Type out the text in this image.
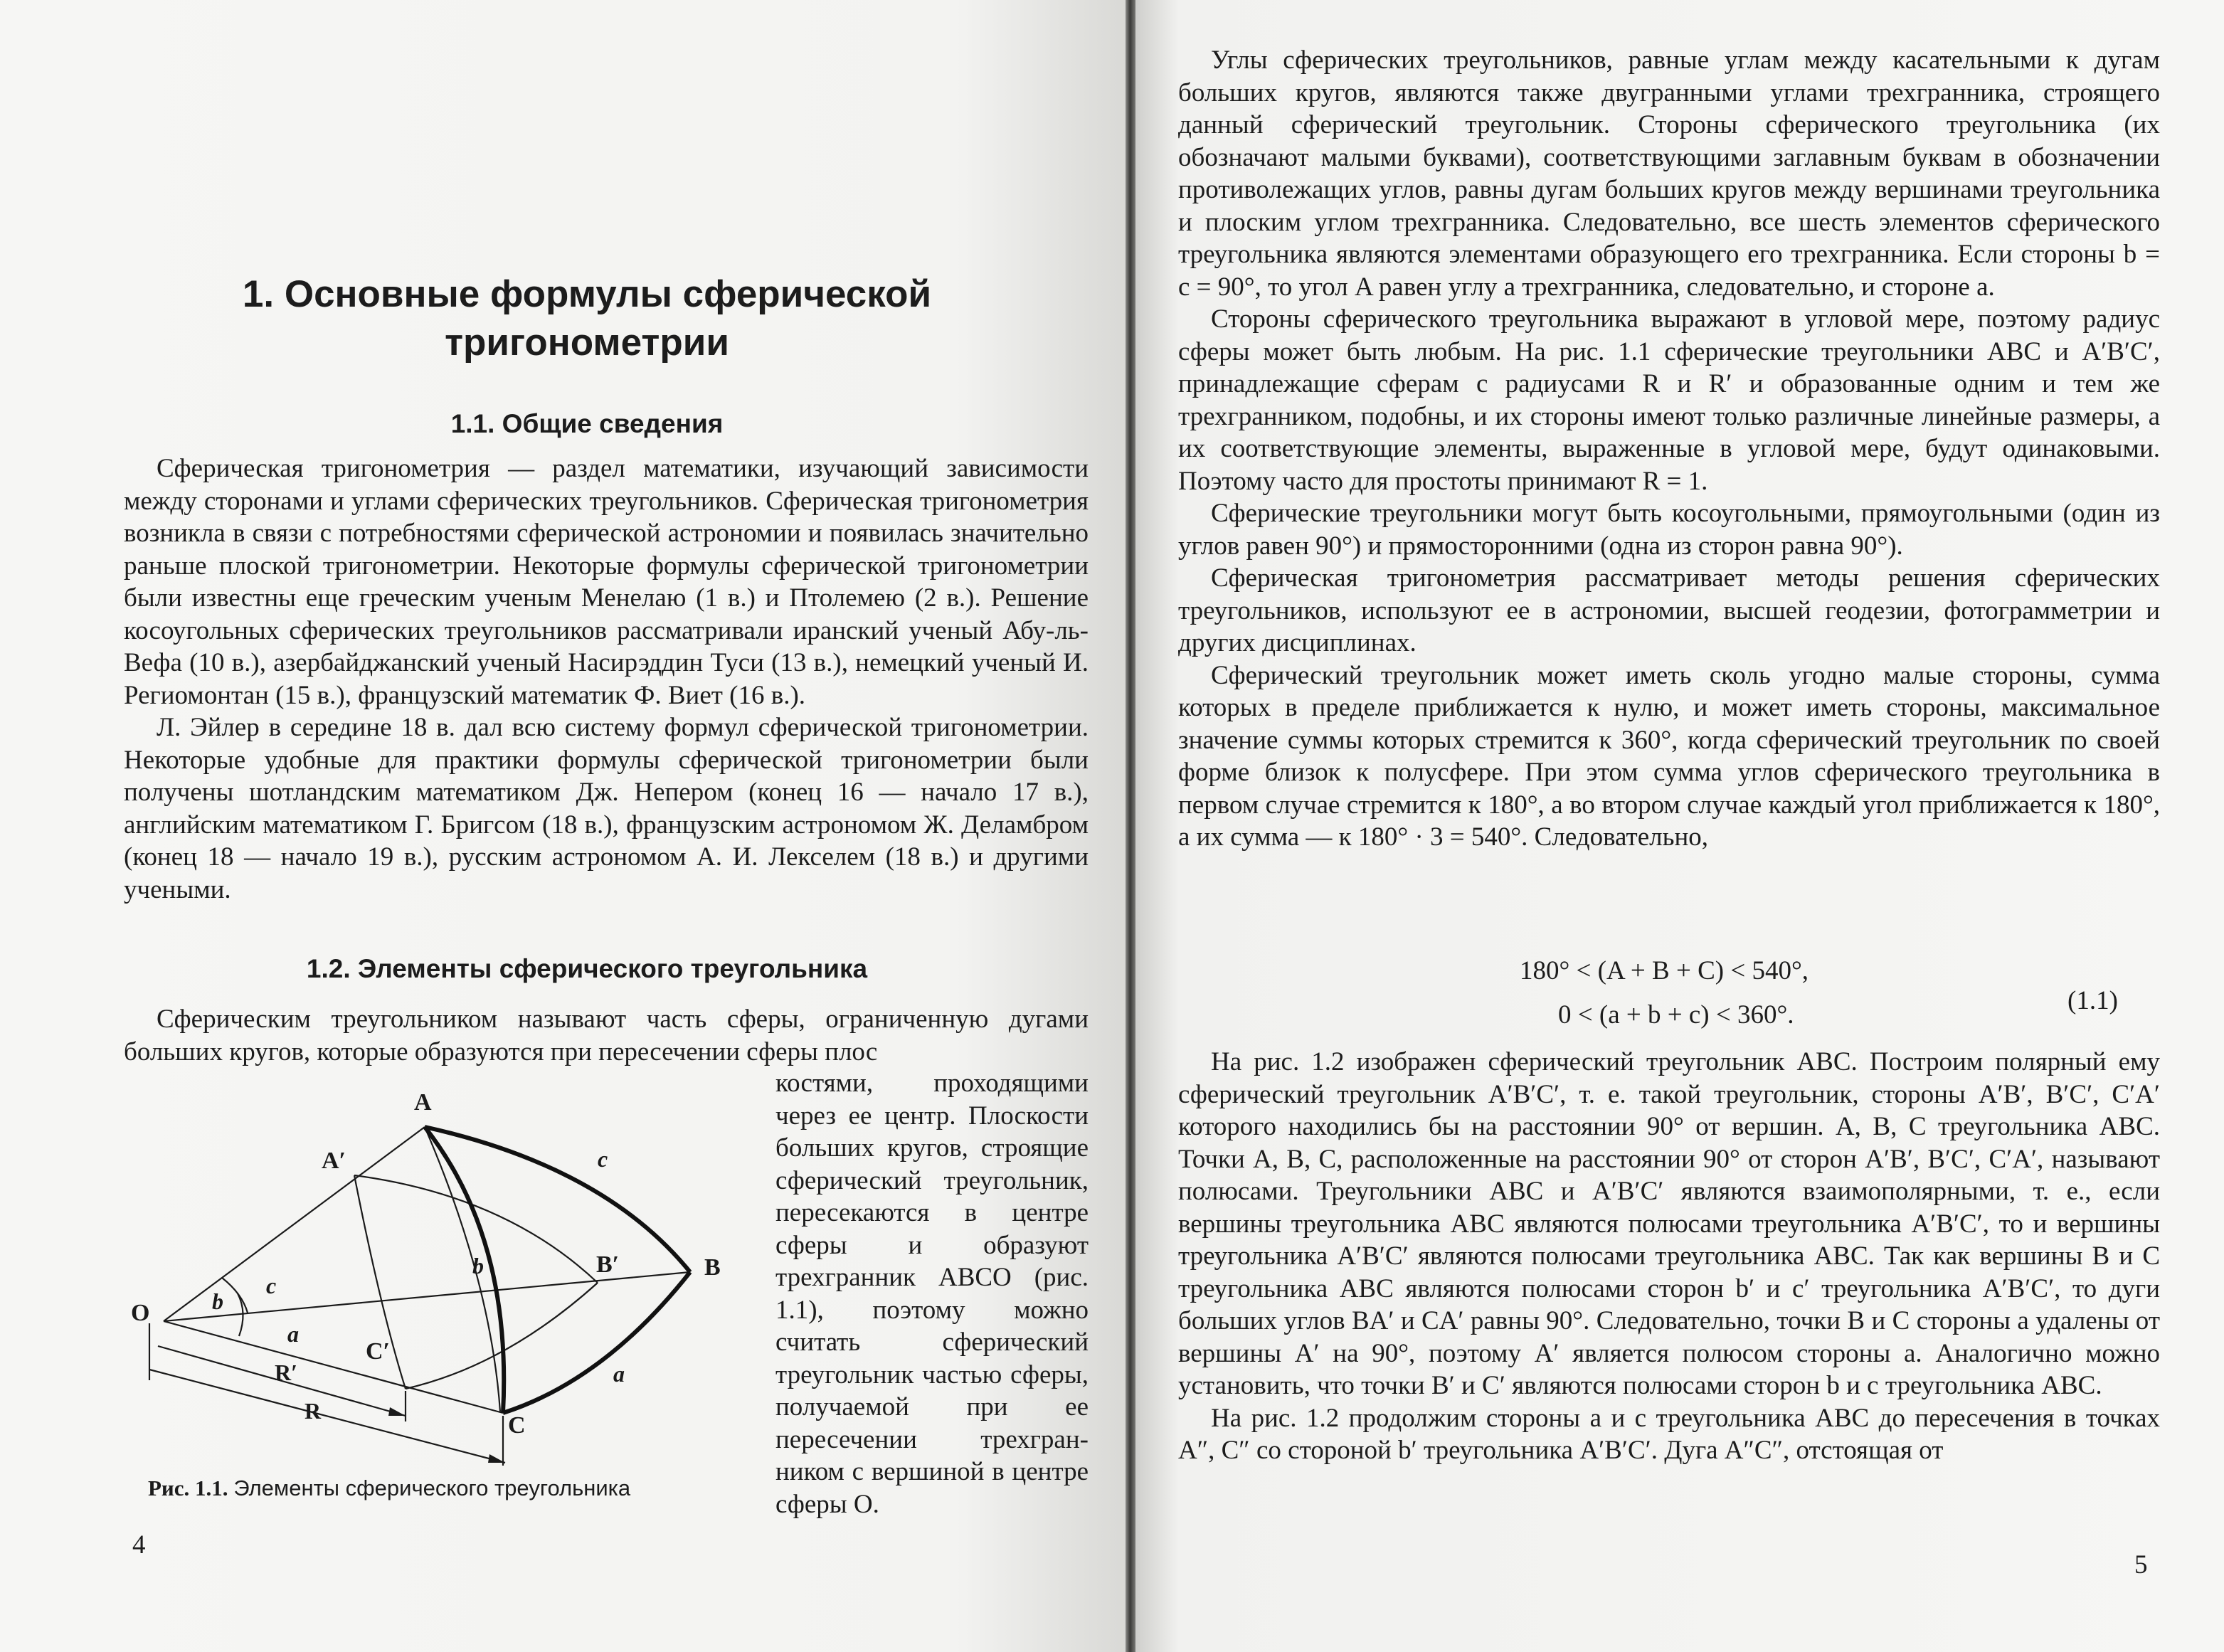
1. Основные формулы сферической тригонометрии
1.1. Общие сведения

Сферическая тригонометрия — раздел математики, изучающий зависимости между сторонами и углами сферических треугольников. Сферическая тригонометрия возникла в связи с потребностями сферической астрономии и появилась значительно раньше плоской тригонометрии. Некоторые формулы сферической тригонометрии были известны еще греческим ученым Менелаю (1 в.) и Птолемею (2 в.). Решение косоугольных сферических треугольников рассматривали иранский ученый Абу-ль-Вефа (10 в.), азербайджанский ученый Насирэддин Туси (13 в.), немецкий ученый И. Региомонтан (15 в.), французский математик Ф. Виет (16 в.).

Л. Эйлер в середине 18 в. дал всю систему формул сферической тригонометрии. Некоторые удобные для практики формулы сферической тригонометрии были получены шотландским математиком Дж. Непером (конец 16 — начало 17 в.), английским математиком Г. Бригсом (18 в.), французским астрономом Ж. Деламбром (конец 18 — начало 19 в.), русским астрономом А. И. Лекселем (18 в.) и другими учеными.

1.2. Элементы сферического треугольника

Сферическим треугольником называют часть сферы, ограниченную дугами больших кругов, которые образуются при пересечении сферы плос

костями, проходящими через ее центр. Плоскости больших кругов, строящие сферический треугольник, пересекаются в центре сферы и образуют трехгранник ABCO (рис. 1.1), поэтому можно считать сферический треугольник частью сферы, получаемой при ее пересечении трехгранником с вершиной в центре сферы O.

A
A′
B
B′
C
C′
O
c
b
a
c
b
a
R′
R
Рис. 1.1. Элементы сферического треугольника
4

Углы сферических треугольников, равные углам между касательными к дугам больших кругов, являются также двугранными углами трехгранника, строящего данный сферический треугольник. Стороны сферического треугольника (их обозначают малыми буквами), соответствующими заглавным буквам в обозначении противолежащих углов, равны дугам больших кругов между вершинами треугольника и плоским углом трехгранника. Следовательно, все шесть элементов сферического треугольника являются элементами образующего его трехгранника. Если стороны b = c = 90°, то угол A равен углу a трехгранника, следовательно, и стороне a.

Стороны сферического треугольника выражают в угловой мере, поэтому радиус сферы может быть любым. На рис. 1.1 сферические треугольники ABC и A′B′C′, принадлежащие сферам с радиусами R и R′ и образованные одним и тем же трехгранником, подобны, и их стороны имеют только различные линейные размеры, а их соответствующие элементы, выраженные в угловой мере, будут одинаковыми. Поэтому часто для простоты принимают R = 1.

Сферические треугольники могут быть косоугольными, прямоугольными (один из углов равен 90°) и прямосторонними (одна из сторон равна 90°).

Сферическая тригонометрия рассматривает методы решения сферических треугольников, используют ее в астрономии, высшей геодезии, фотограмметрии и других дисциплинах.

Сферический треугольник может иметь сколь угодно малые стороны, сумма которых в пределе приближается к нулю, и может иметь стороны, максимальное значение суммы которых стремится к 360°, когда сферический треугольник по своей форме близок к полусфере. При этом сумма углов сферического треугольника в первом случае стремится к 180°, а во втором случае каждый угол приближается к 180°, а их сумма — к 180° · 3 = 540°. Следовательно,

180° < (A + B + C) < 540°,
0 < (a + b + c) < 360°.	(1.1)

На рис. 1.2 изображен сферический треугольник ABC. Построим полярный ему сферический треугольник A′B′C′, т. е. такой треугольник, стороны A′B′, B′C′, C′A′ которого находились бы на расстоянии 90° от вершин. A, B, C треугольника ABC. Точки A, B, C, расположенные на расстоянии 90° от сторон A′B′, B′C′, C′A′, называют полюсами. Треугольники ABC и A′B′C′ являются взаимополярными, т. е., если вершины треугольника ABC являются полюсами треугольника A′B′C′, то и вершины треугольника A′B′C′ являются полюсами треугольника ABC. Так как вершины B и C треугольника ABC являются полюсами сторон b′ и c′ треугольника A′B′C′, то дуги больших углов BA′ и CA′ равны 90°. Следовательно, точки B и C стороны a удалены от вершины A′ на 90°, поэтому A′ является полюсом стороны a. Аналогично можно установить, что точки B′ и C′ являются полюсами сторон b и c треугольника ABC.

На рис. 1.2 продолжим стороны a и c треугольника ABC до пересечения в точках A″, C″ со стороной b′ треугольника A′B′C′. Дуга A″C″, отстоящая от

5
